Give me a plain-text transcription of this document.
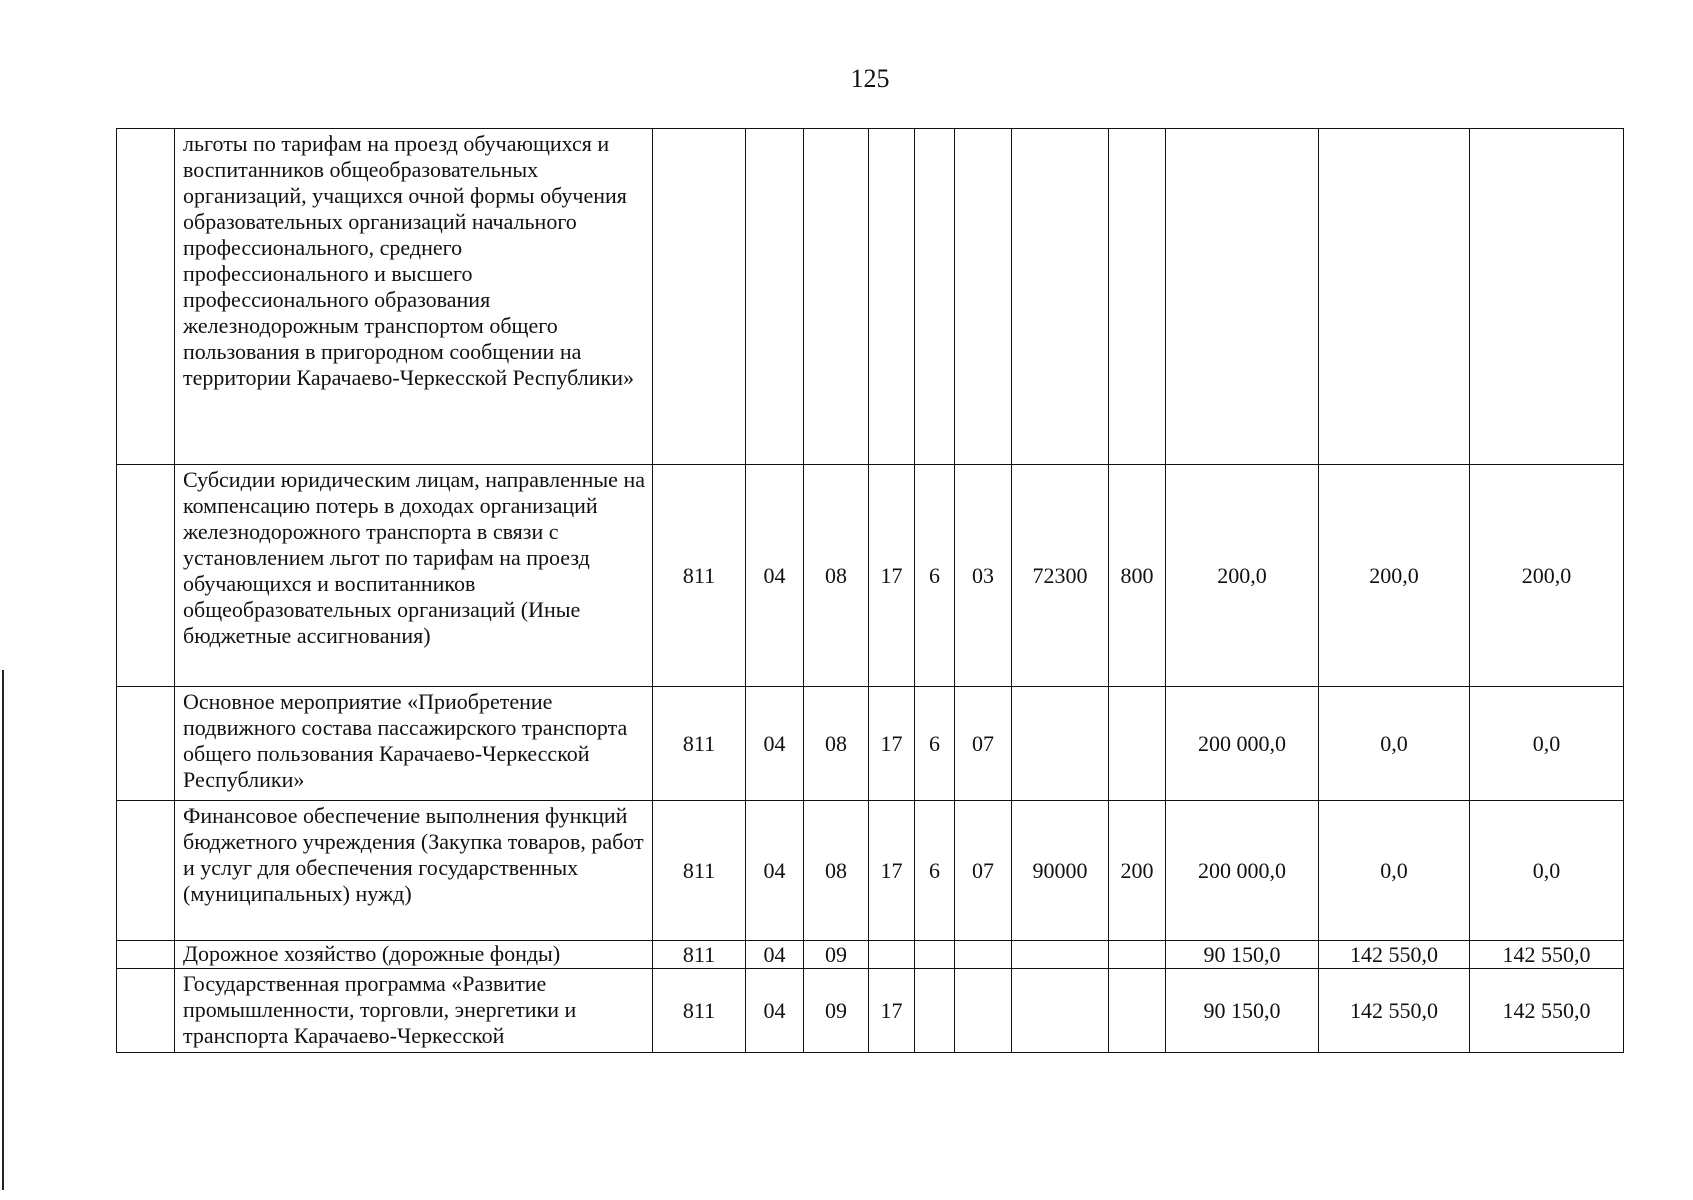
125
	льготы по тарифам на проезд обучающихся и воспитанников общеобразовательных организаций, учащихся очной формы обучения образовательных организаций начального профессионального, среднего профессионального и высшего профессионального образования железнодорожным транспортом общего пользования в пригородном сообщении на территории Карачаево-Черкесской Республики»											
	Субсидии юридическим лицам, направленные на компенсацию потерь в доходах организаций железнодорожного транспорта в связи с установлением льгот по тарифам на проезд обучающихся и воспитанников общеобразовательных организаций (Иные бюджетные ассигнования)	811	04	08	17	6	03	72300	800	200,0	200,0	200,0
	Основное мероприятие «Приобретение подвижного состава пассажирского транспорта общего пользования Карачаево-Черкесской Республики»	811	04	08	17	6	07			200 000,0	0,0	0,0
	Финансовое обеспечение выполнения функций бюджетного учреждения (Закупка товаров, работ и услуг для обеспечения государственных (муниципальных) нужд)	811	04	08	17	6	07	90000	200	200 000,0	0,0	0,0
	Дорожное хозяйство (дорожные фонды)	811	04	09						90 150,0	142 550,0	142 550,0
	Государственная программа «Развитие промышленности, торговли, энергетики и транспорта Карачаево-Черкесской	811	04	09	17					90 150,0	142 550,0	142 550,0
